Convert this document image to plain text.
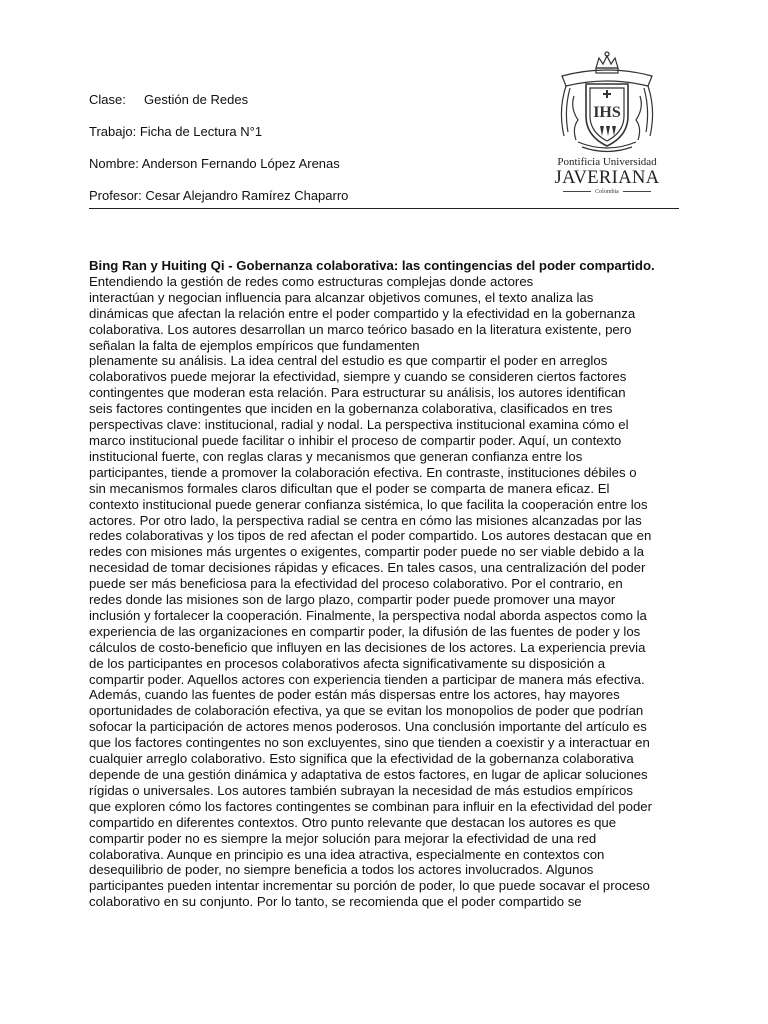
Clase: Gestión de Redes
Trabajo: Ficha de Lectura N°1
Nombre: Anderson Fernando López Arenas
Profesor: Cesar Alejandro Ramírez Chaparro
IHS
Pontificia Universidad
JAVERIANA
Colombia

Bing Ran y Huiting Qi - Gobernanza colaborativa: las contingencias del poder compartido.  Entendiendo la gestión de redes como estructuras complejas donde actores
interactúan y negocian influencia para alcanzar objetivos comunes, el texto analiza las
dinámicas que afectan la relación entre el poder compartido y la efectividad en la gobernanza
colaborativa. Los autores desarrollan un marco teórico basado en la literatura existente, pero
señalan la falta de ejemplos empíricos que fundamenten
plenamente su análisis. La idea central del estudio es que compartir el poder en arreglos
colaborativos puede mejorar la efectividad, siempre y cuando se consideren ciertos factores
contingentes que moderan esta relación. Para estructurar su análisis, los autores identifican
seis factores contingentes que inciden en la gobernanza colaborativa, clasificados en tres
perspectivas clave: institucional, radial y nodal. La perspectiva institucional examina cómo el
marco institucional puede facilitar o inhibir el proceso de compartir poder. Aquí, un contexto
institucional fuerte, con reglas claras y mecanismos que generan confianza entre los
participantes, tiende a promover la colaboración efectiva. En contraste, instituciones débiles o
sin mecanismos formales claros dificultan que el poder se comparta de manera eficaz. El
contexto institucional puede generar confianza sistémica, lo que facilita la cooperación entre los
actores. Por otro lado, la perspectiva radial se centra en cómo las misiones alcanzadas por las
redes colaborativas y los tipos de red afectan el poder compartido. Los autores destacan que en
redes con misiones más urgentes o exigentes, compartir poder puede no ser viable debido a la
necesidad de tomar decisiones rápidas y eficaces. En tales casos, una centralización del poder
puede ser más beneficiosa para la efectividad del proceso colaborativo. Por el contrario, en
redes donde las misiones son de largo plazo, compartir poder puede promover una mayor
inclusión y fortalecer la cooperación. Finalmente, la perspectiva nodal aborda aspectos como la
experiencia de las organizaciones en compartir poder, la difusión de las fuentes de poder y los
cálculos de costo-beneficio que influyen en las decisiones de los actores. La experiencia previa
de los participantes en procesos colaborativos afecta significativamente su disposición a
compartir poder. Aquellos actores con experiencia tienden a participar de manera más efectiva.
Además, cuando las fuentes de poder están más dispersas entre los actores, hay mayores
oportunidades de colaboración efectiva, ya que se evitan los monopolios de poder que podrían
sofocar la participación de actores menos poderosos. Una conclusión importante del artículo es
que los factores contingentes no son excluyentes, sino que tienden a coexistir y a interactuar en
cualquier arreglo colaborativo. Esto significa que la efectividad de la gobernanza colaborativa
depende de una gestión dinámica y adaptativa de estos factores, en lugar de aplicar soluciones
rígidas o universales. Los autores también subrayan la necesidad de más estudios empíricos
que exploren cómo los factores contingentes se combinan para influir en la efectividad del poder
compartido en diferentes contextos. Otro punto relevante que destacan los autores es que
compartir poder no es siempre la mejor solución para mejorar la efectividad de una red
colaborativa. Aunque en principio es una idea atractiva, especialmente en contextos con
desequilibrio de poder, no siempre beneficia a todos los actores involucrados. Algunos
participantes pueden intentar incrementar su porción de poder, lo que puede socavar el proceso
colaborativo en su conjunto. Por lo tanto, se recomienda que el poder compartido se
